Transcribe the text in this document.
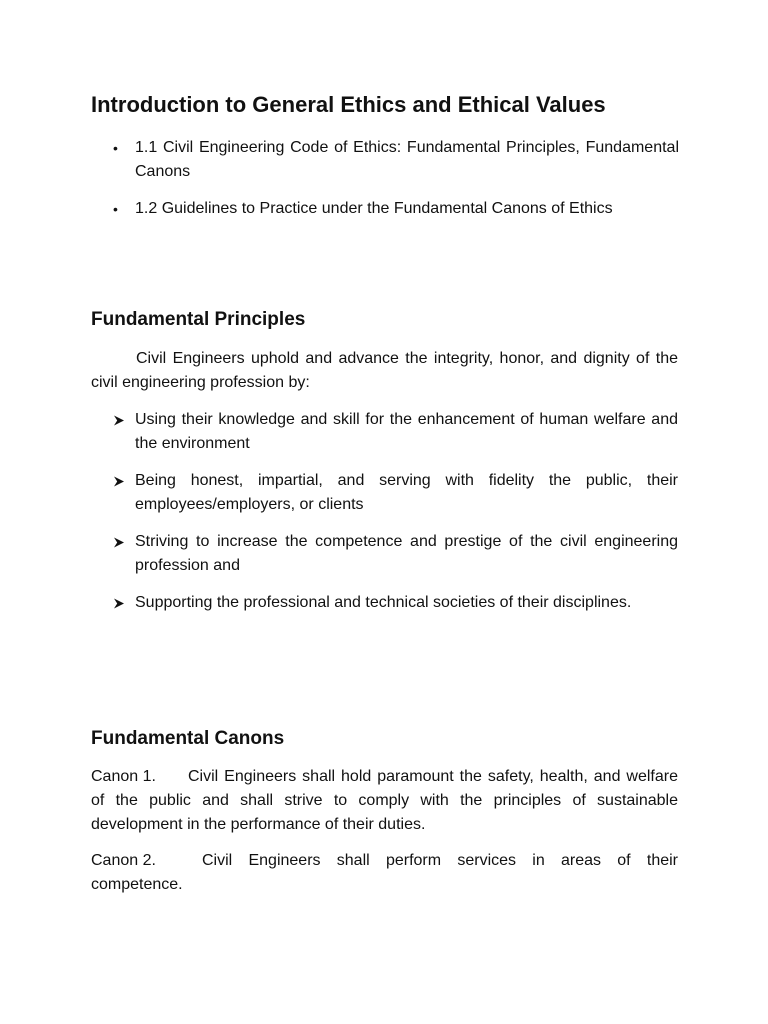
Introduction to General Ethics and Ethical Values
• 1.1 Civil Engineering Code of Ethics: Fundamental Principles, Fundamental Canons
• 1.2 Guidelines to Practice under the Fundamental Canons of Ethics
Fundamental Principles

Civil Engineers uphold and advance the integrity, honor, and dignity of the civil engineering profession by:

Using their knowledge and skill for the enhancement of human welfare and the environment
Being honest, impartial, and serving with fidelity the public, their employees/employers, or clients
Striving to increase the competence and prestige of the civil engineering profession and
Supporting the professional and technical societies of their disciplines.
Fundamental Canons

Canon 1. Civil Engineers shall hold paramount the safety, health, and welfare of the public and shall strive to comply with the principles of sustainable development in the performance of their duties.

Canon 2.	Civil Engineers shall perform services in areas of their competence.
